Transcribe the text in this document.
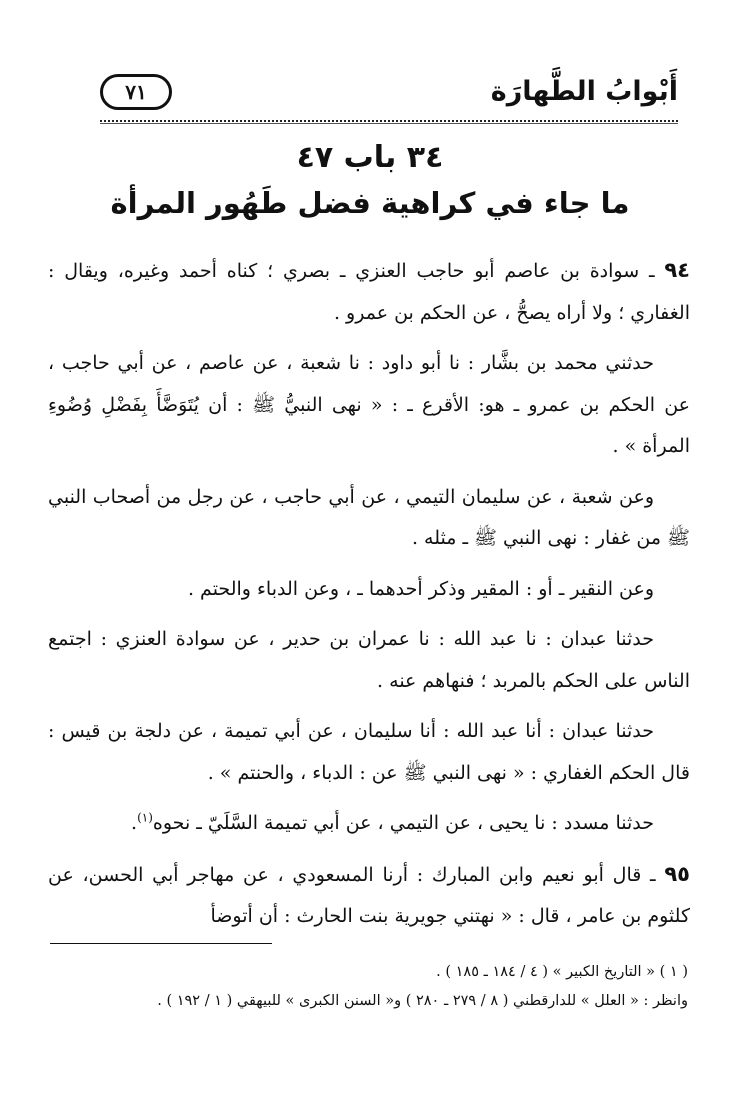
أَبْوابُ الطَّهارَة
٧١
٣٤ باب ٤٧
ما جاء في كراهية فضل طَهُور المرأة

٩٤ ـ سوادة بن عاصم أبو حاجب العنزي ـ بصري ؛ كناه أحمد وغيره، ويقال : الغفاري ؛ ولا أراه يصحُّ ، عن الحكم بن عمرو .

حدثني محمد بن بشَّار : نا أبو داود : نا شعبة ، عن عاصم ، عن أبي حاجب ، عن الحكم بن عمرو ـ هو: الأقرع ـ : « نهى النبيُّ ﷺ : أن يُتَوَضَّأَ بِفَضْلِ وُضُوءِ المرأة » .

وعن شعبة ، عن سليمان التيمي ، عن أبي حاجب ، عن رجل من أصحاب النبي ﷺ من غفار : نهى النبي ﷺ ـ مثله .

وعن النقير ـ أو : المقير وذكر أحدهما ـ ، وعن الدباء والحتم .

حدثنا عبدان : نا عبد الله : نا عمران بن حدير ، عن سوادة العنزي : اجتمع الناس على الحكم بالمربد ؛ فنهاهم عنه .

حدثنا عبدان : أنا عبد الله : أنا سليمان ، عن أبي تميمة ، عن دلجة بن قيس : قال الحكم الغفاري : « نهى النبي ﷺ عن : الدباء ، والحنتم » .

حدثنا مسدد : نا يحيى ، عن التيمي ، عن أبي تميمة السَّلَيّ ـ نحوه$^{(١)}$.

٩٥ ـ قال أبو نعيم وابن المبارك : أرنا المسعودي ، عن مهاجر أبي الحسن، عن كلثوم بن عامر ، قال : « نهتني جويرية بنت الحارث : أن أتوضأ

( ١ ) « التاريخ الكبير » ( ٤ / ١٨٤ ـ ١٨٥ ) .

وانظر : « العلل » للدارقطني ( ٨ / ٢٧٩ ـ ٢٨٠ ) و« السنن الكبرى » للبيهقي ( ١ / ١٩٢ ) .
